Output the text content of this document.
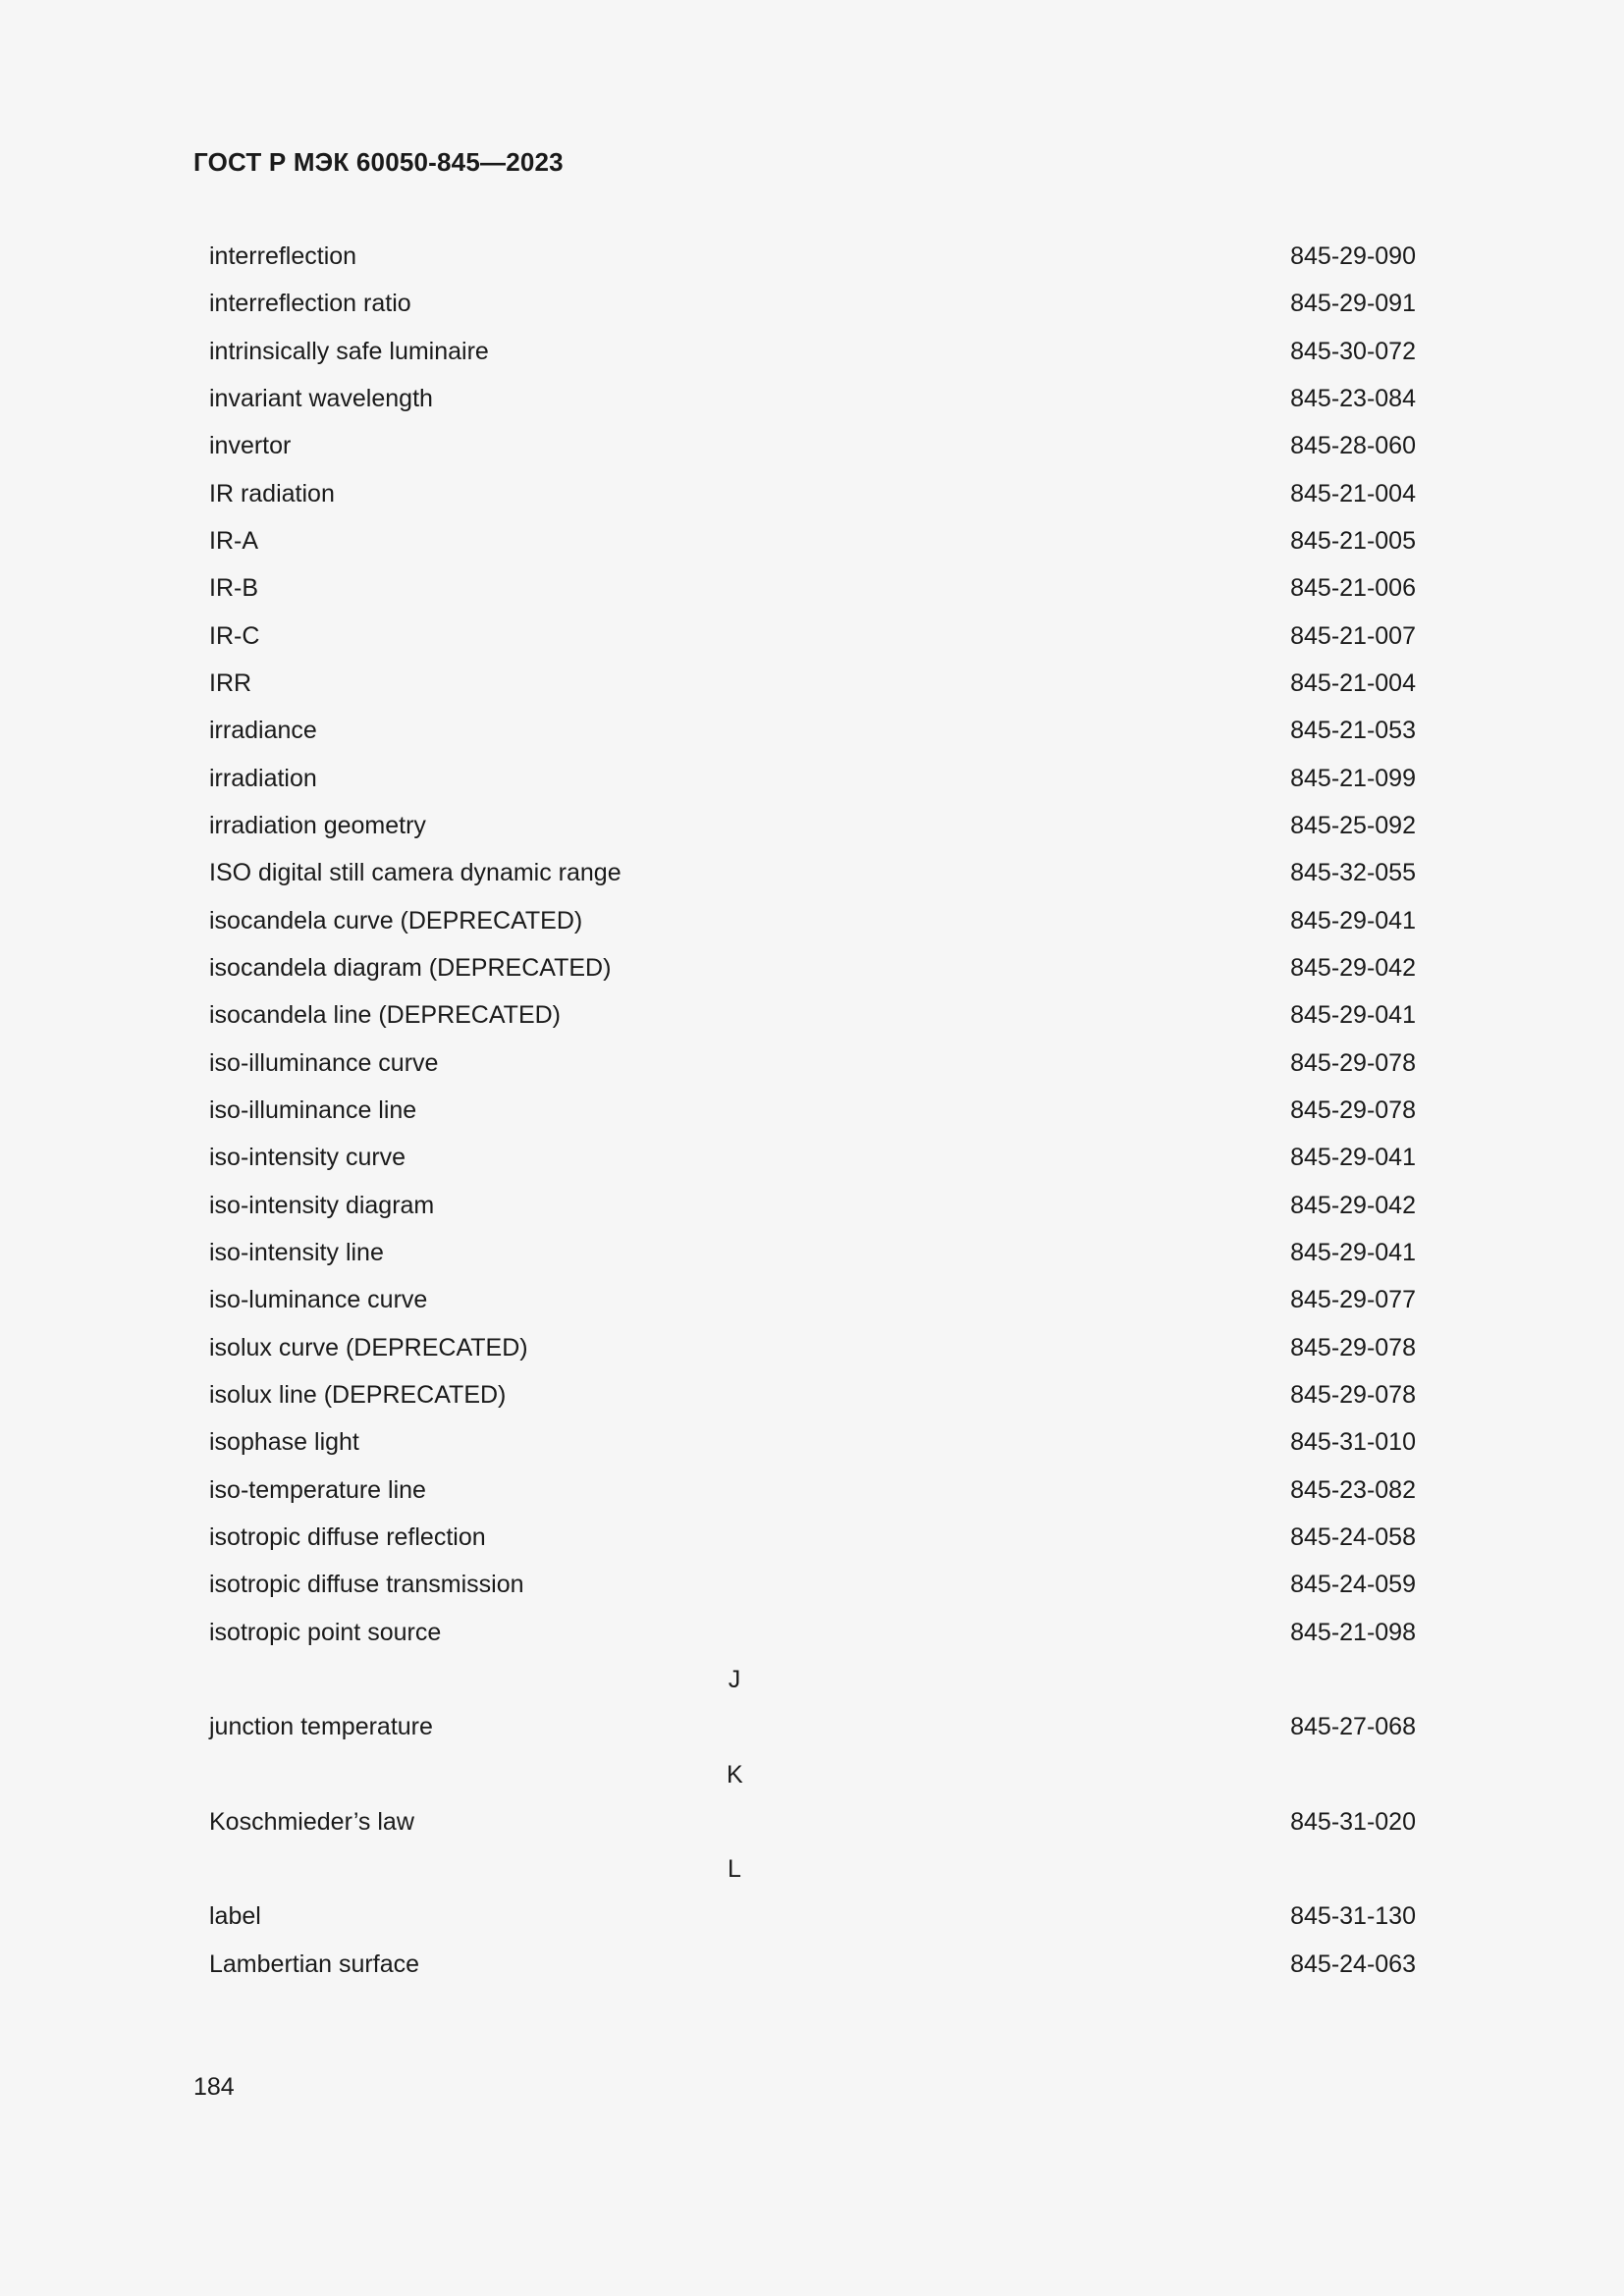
ГОСТ Р МЭК 60050-845—2023
interreflection	845-29-090
interreflection ratio	845-29-091
intrinsically safe luminaire	845-30-072
invariant wavelength	845-23-084
invertor	845-28-060
IR radiation	845-21-004
IR-A	845-21-005
IR-B	845-21-006
IR-C	845-21-007
IRR	845-21-004
irradiance	845-21-053
irradiation	845-21-099
irradiation geometry	845-25-092
ISO digital still camera dynamic range	845-32-055
isocandela curve (DEPRECATED)	845-29-041
isocandela diagram (DEPRECATED)	845-29-042
isocandela line (DEPRECATED)	845-29-041
iso-illuminance curve	845-29-078
iso-illuminance line	845-29-078
iso-intensity curve	845-29-041
iso-intensity diagram	845-29-042
iso-intensity line	845-29-041
iso-luminance curve	845-29-077
isolux curve (DEPRECATED)	845-29-078
isolux line (DEPRECATED)	845-29-078
isophase light	845-31-010
iso-temperature line	845-23-082
isotropic diffuse reflection	845-24-058
isotropic diffuse transmission	845-24-059
isotropic point source	845-21-098
J
junction temperature	845-27-068
K
Koschmieder’s law	845-31-020
L
label	845-31-130
Lambertian surface	845-24-063
184
